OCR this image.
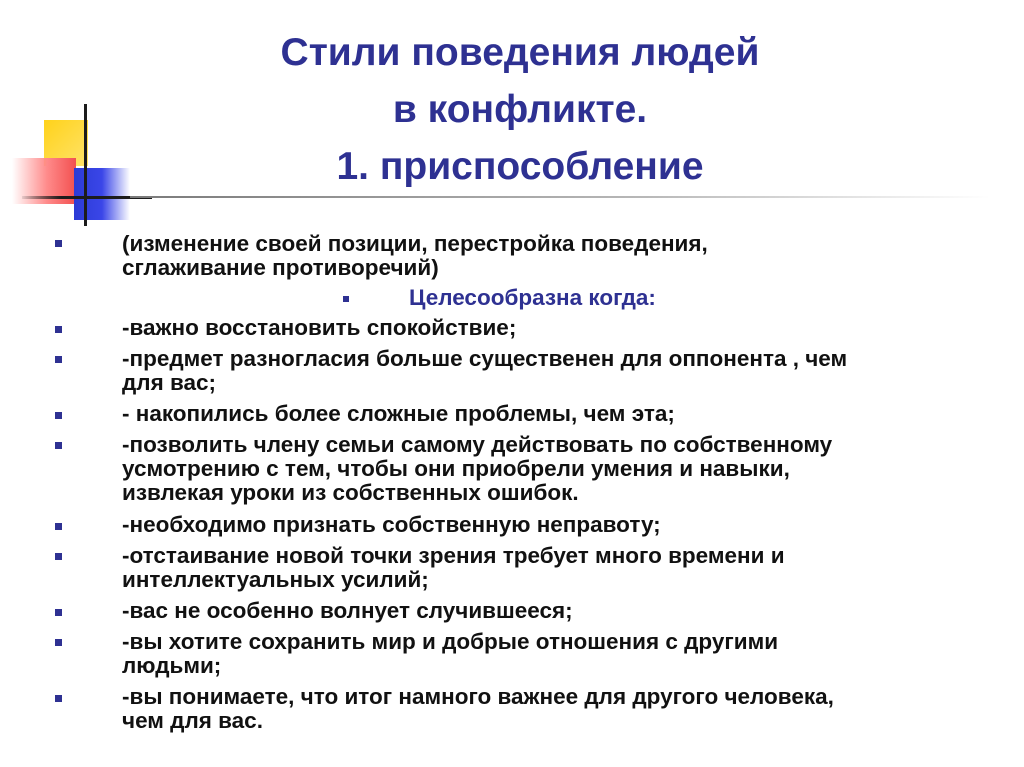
Стили поведения людей
в конфликте.
1. приспособление
(изменение своей позиции, перестройка поведения,
сглаживание противоречий)
Целесообразна когда:
-важно восстановить спокойствие;
-предмет разногласия больше существенен для оппонента , чем
для вас;
- накопились более сложные проблемы, чем эта;
-позволить члену семьи самому действовать по собственному
усмотрению с тем, чтобы они приобрели умения и навыки,
извлекая уроки из собственных ошибок.
-необходимо признать собственную неправоту;
-отстаивание новой точки зрения требует много времени и
интеллектуальных усилий;
-вас не особенно волнует случившееся;
-вы хотите сохранить мир и добрые отношения с другими
людьми;
-вы понимаете, что итог намного важнее для другого человека,
чем для вас.
